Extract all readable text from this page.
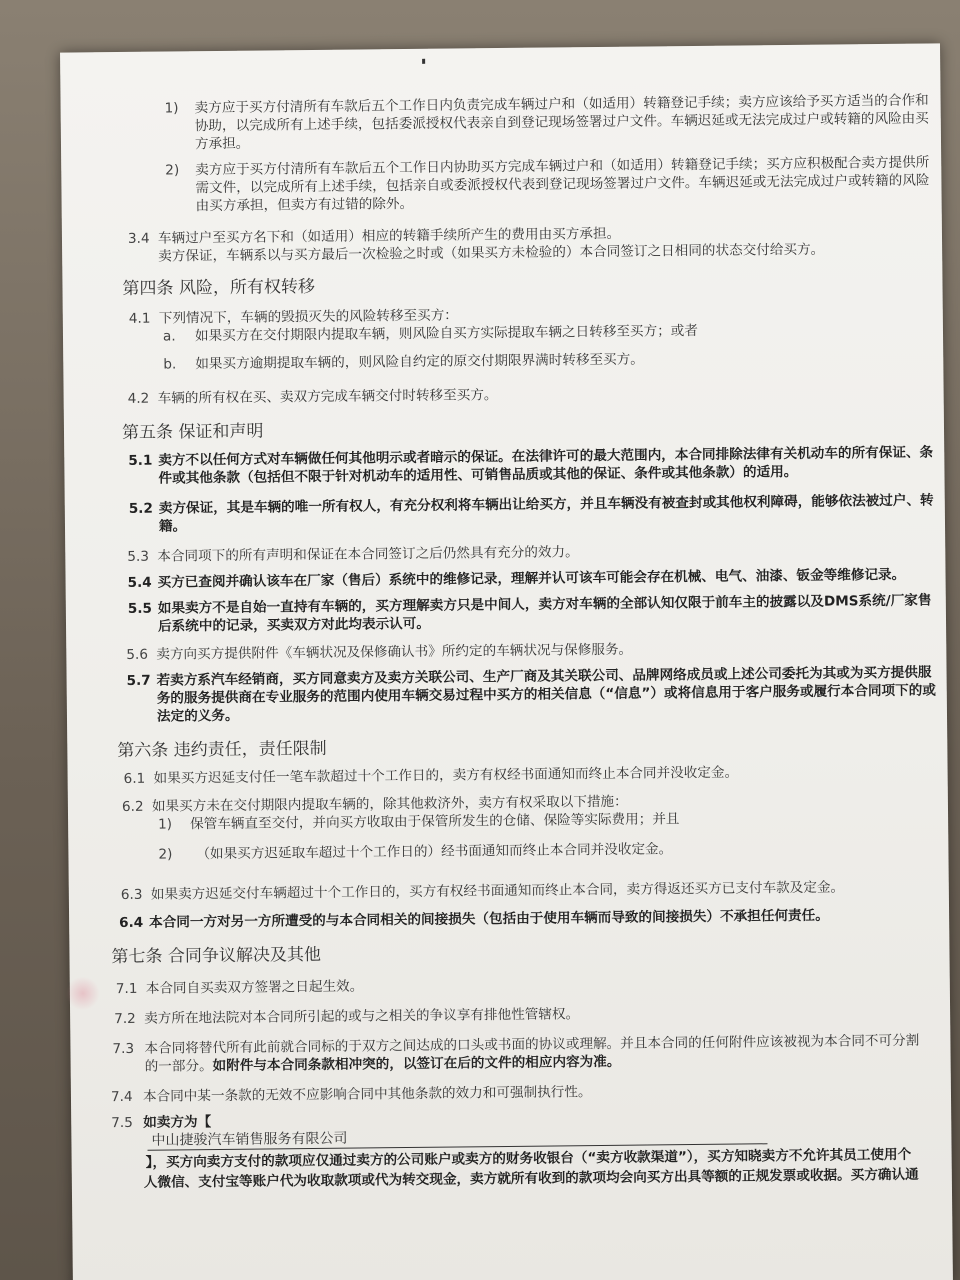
1) 卖方应于买方付清所有车款后五个工作日内负责完成车辆过户和（如适用）转籍登记手续；卖方应该给予买方适当的合作和
协助，以完成所有上述手续，包括委派授权代表亲自到登记现场签署过户文件。车辆迟延或无法完成过户或转籍的风险由买
方承担。
2) 卖方应于买方付清所有车款后五个工作日内协助买方完成车辆过户和（如适用）转籍登记手续；买方应积极配合卖方提供所
需文件，以完成所有上述手续，包括亲自或委派授权代表到登记现场签署过户文件。车辆迟延或无法完成过户或转籍的风险
由买方承担，但卖方有过错的除外。
3.4 车辆过户至买方名下和（如适用）相应的转籍手续所产生的费用由买方承担。
卖方保证，车辆系以与买方最后一次检验之时或（如果买方未检验的）本合同签订之日相同的状态交付给买方。
第四条 风险，所有权转移
4.1 下列情况下，车辆的毁损灭失的风险转移至买方：
a. 如果买方在交付期限内提取车辆，则风险自买方实际提取车辆之日转移至买方；或者
b. 如果买方逾期提取车辆的，则风险自约定的原交付期限界满时转移至买方。
4.2 车辆的所有权在买、卖双方完成车辆交付时转移至买方。
第五条 保证和声明
5.1 卖方不以任何方式对车辆做任何其他明示或者暗示的保证。在法律许可的最大范围内，本合同排除法律有关机动车的所有保证、条
件或其他条款（包括但不限于针对机动车的适用性、可销售品质或其他的保证、条件或其他条款）的适用。
5.2 卖方保证，其是车辆的唯一所有权人，有充分权利将车辆出让给买方，并且车辆没有被查封或其他权利障碍，能够依法被过户、转
籍。
5.3 本合同项下的所有声明和保证在本合同签订之后仍然具有充分的效力。
5.4 买方已查阅并确认该车在厂家（售后）系统中的维修记录，理解并认可该车可能会存在机械、电气、油漆、钣金等维修记录。
5.5 如果卖方不是自始一直持有车辆的，买方理解卖方只是中间人，卖方对车辆的全部认知仅限于前车主的披露以及DMS系统/厂家售
后系统中的记录，买卖双方对此均表示认可。
5.6 卖方向买方提供附件《车辆状况及保修确认书》所约定的车辆状况与保修服务。
5.7 若卖方系汽车经销商，买方同意卖方及卖方关联公司、生产厂商及其关联公司、品牌网络成员或上述公司委托为其或为买方提供服
务的服务提供商在专业服务的范围内使用车辆交易过程中买方的相关信息（“信息”）或将信息用于客户服务或履行本合同项下的或
法定的义务。
第六条 违约责任，责任限制
6.1 如果买方迟延支付任一笔车款超过十个工作日的，卖方有权经书面通知而终止本合同并没收定金。
6.2 如果买方未在交付期限内提取车辆的，除其他救济外，卖方有权采取以下措施：
1) 保管车辆直至交付，并向买方收取由于保管所发生的仓储、保险等实际费用；并且
2) （如果买方迟延取车超过十个工作日的）经书面通知而终止本合同并没收定金。
6.3 如果卖方迟延交付车辆超过十个工作日的，买方有权经书面通知而终止本合同，卖方得返还买方已支付车款及定金。
6.4 本合同一方对另一方所遭受的与本合同相关的间接损失（包括由于使用车辆而导致的间接损失）不承担任何责任。
第七条 合同争议解决及其他
7.1 本合同自买卖双方签署之日起生效。
7.2 卖方所在地法院对本合同所引起的或与之相关的争议享有排他性管辖权。
7.3 本合同将替代所有此前就合同标的于双方之间达成的口头或书面的协议或理解。并且本合同的任何附件应该被视为本合同不可分割
的一部分。如附件与本合同条款相冲突的，以签订在后的文件的相应内容为准。
7.4 本合同中某一条款的无效不应影响合同中其他条款的效力和可强制执行性。
7.5 如卖方为【
中山捷骏汽车销售服务有限公司
】，买方向卖方支付的款项应仅通过卖方的公司账户或卖方的财务收银台（“卖方收款渠道”），买方知晓卖方不允许其员工使用个
人微信、支付宝等账户代为收取款项或代为转交现金，卖方就所有收到的款项均会向买方出具等额的正规发票或收据。买方确认通
